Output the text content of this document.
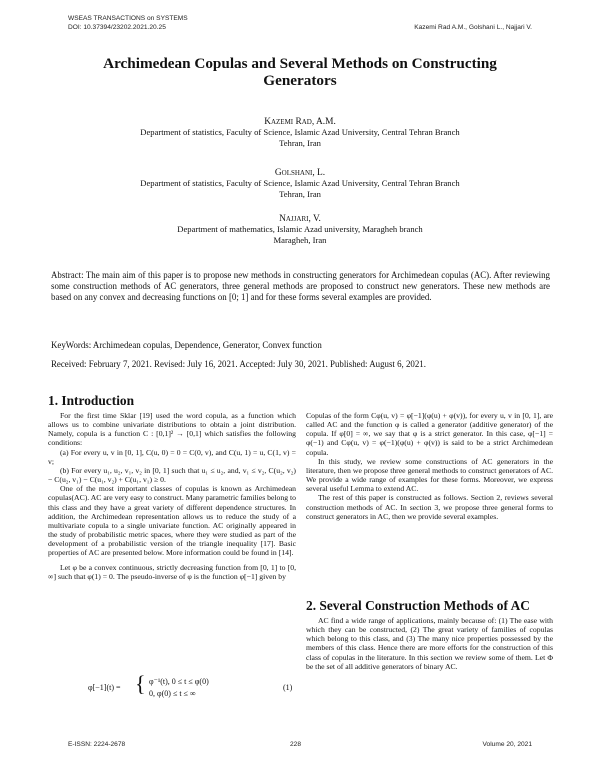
WSEAS TRANSACTIONS on SYSTEMS
DOI: 10.37394/23202.2021.20.25	Kazemi Rad A.M., Golshani L., Najjari V.
Archimedean Copulas and Several Methods on Constructing
Generators
Kazemi Rad, A.M.
Department of statistics, Faculty of Science, Islamic Azad University, Central Tehran Branch
Tehran, Iran
Golshani, L.
Department of statistics, Faculty of Science, Islamic Azad University, Central Tehran Branch
Tehran, Iran
Najjari, V.
Department of mathematics, Islamic Azad university, Maragheh branch
Maragheh, Iran
Abstract: The main aim of this paper is to propose new methods in constructing generators for Archimedean copulas (AC). After reviewing some construction methods of AC generators, three general methods are proposed to construct new generators. These new methods are based on any convex and decreasing functions on [0; 1] and for these forms several examples are provided.
KeyWords: Archimedean copulas, Dependence, Generator, Convex function
Received: February 7, 2021. Revised: July 16, 2021. Accepted: July 30, 2021. Published: August 6, 2021.
1. Introduction

For the first time Sklar [19] used the word copula, as a function which allows us to combine univariate distributions to obtain a joint distribution. Namely, copula is a function C : [0,1]² → [0,1] which satisfies the following conditions:

(a) For every u, v in [0, 1], C(u, 0) = 0 = C(0, v), and C(u, 1) = u, C(1, v) = v;

(b) For every u₁, u₂, v₁, v₂ in [0, 1] such that u₁ ≤ u₂, and, v₁ ≤ v₂, C(u₂, v₂) − C(u₂, v₁) − C(u₁, v₂) + C(u₁, v₁) ≥ 0.

One of the most important classes of copulas is known as Archimedean copulas(AC). AC are very easy to construct. Many parametric families belong to this class and they have a great variety of different dependence structures. In addition, the Archimedean representation allows us to reduce the study of a multivariate copula to a single univariate function. AC originally appeared in the study of probabilistic metric spaces, where they were studied as part of the development of a probabilistic version of the triangle inequality [17]. Basic properties of AC are presented below. More information could be found in [14].

Let φ be a convex continuous, strictly decreasing function from [0, 1] to [0, ∞] such that φ(1) = 0. The pseudo-inverse of φ is the function φ[−1] given by

φ[−1](t) = { φ⁻¹(t), 0 ≤ t ≤ φ(0)
0, φ(0) ≤ t ≤ ∞
(1)

Copulas of the form Cφ(u, v) = φ[−1](φ(u) + φ(v)), for every u, v in [0, 1], are called AC and the function φ is called a generator (additive generator) of the copula. If φ[0] = ∞, we say that φ is a strict generator. In this case, φ[−1] = φ(−1) and Cφ(u, v) = φ(−1)(φ(u) + φ(v)) is said to be a strict Archimedean copula.

In this study, we review some constructions of AC generators in the literature, then we propose three general methods to construct generators of AC. We provide a wide range of examples for these forms. Moreover, we express several useful Lemma to extend AC.

The rest of this paper is constructed as follows. Section 2, reviews several construction methods of AC. In section 3, we propose three general forms to construct generators in AC, then we provide several examples.

2. Several Construction Methods of AC

AC find a wide range of applications, mainly because of: (1) The ease with which they can be constructed, (2) The great variety of families of copulas which belong to this class, and (3) The many nice properties possessed by the members of this class. Hence there are more efforts for the construction of this class of copulas in the literature. In this section we review some of them. Let Φ be the set of all additive generators of binary AC.

E-ISSN: 2224-2678	228	Volume 20, 2021
